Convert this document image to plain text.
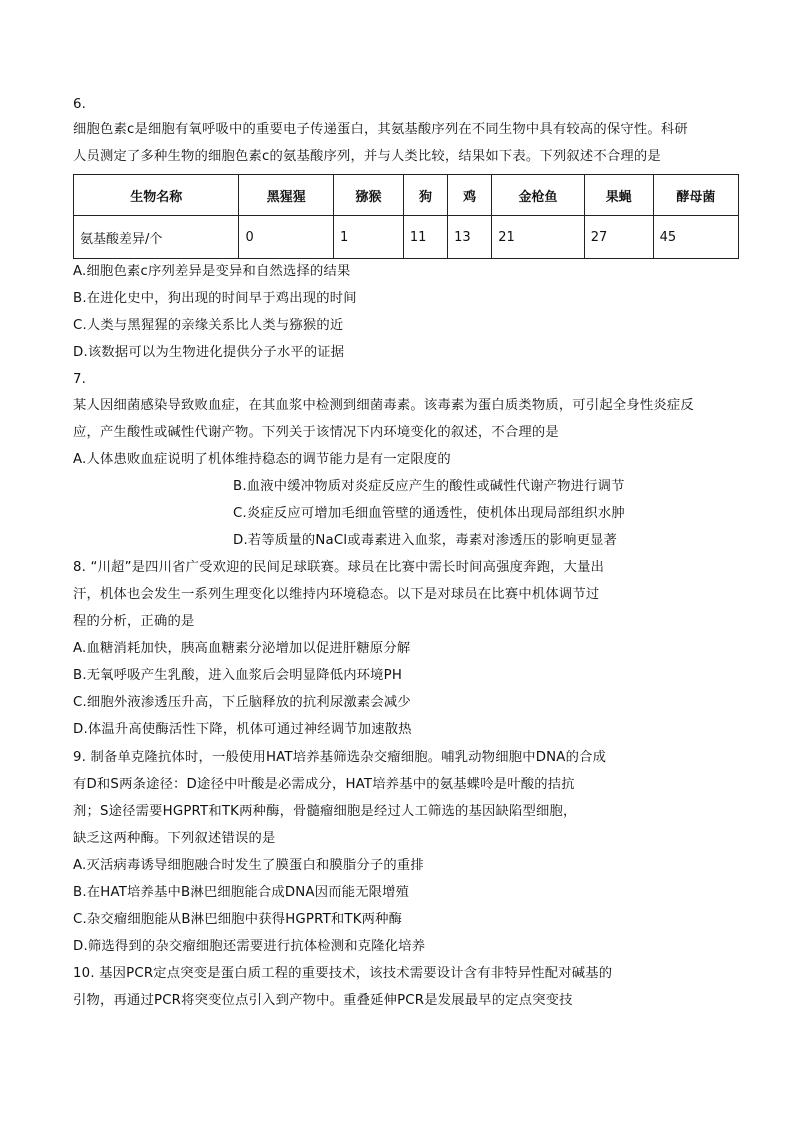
6.
细胞色素c是细胞有氧呼吸中的重要电子传递蛋白，其氨基酸序列在不同生物中具有较高的保守性。科研
人员测定了多种生物的细胞色素c的氨基酸序列，并与人类比较，结果如下表。下列叙述不合理的是
生物名称	黑猩猩	猕猴	狗	鸡	金枪鱼	果蝇	酵母菌
氨基酸差异/个	0	1	11	13	21	27	45
A.细胞色素c序列差异是变异和自然选择的结果
B.在进化史中，狗出现的时间早于鸡出现的时间
C.人类与黑猩猩的亲缘关系比人类与猕猴的近
D.该数据可以为生物进化提供分子水平的证据
7.
某人因细菌感染导致败血症，在其血浆中检测到细菌毒素。该毒素为蛋白质类物质，可引起全身性炎症反
应，产生酸性或碱性代谢产物。下列关于该情况下内环境变化的叙述，不合理的是
A.人体患败血症说明了机体维持稳态的调节能力是有一定限度的
B.血液中缓冲物质对炎症反应产生的酸性或碱性代谢产物进行调节
C.炎症反应可增加毛细血管壁的通透性，使机体出现局部组织水肿
D.若等质量的NaCl或毒素进入血浆，毒素对渗透压的影响更显著
8. “川超”是四川省广受欢迎的民间足球联赛。球员在比赛中需长时间高强度奔跑，大量出
汗，机体也会发生一系列生理变化以维持内环境稳态。以下是对球员在比赛中机体调节过
程的分析，正确的是
A.血糖消耗加快，胰高血糖素分泌增加以促进肝糖原分解
B.无氧呼吸产生乳酸，进入血浆后会明显降低内环境PH
C.细胞外液渗透压升高，下丘脑释放的抗利尿激素会减少
D.体温升高使酶活性下降，机体可通过神经调节加速散热
9. 制备单克隆抗体时，一般使用HAT培养基筛选杂交瘤细胞。哺乳动物细胞中DNA的合成
有D和S两条途径：D途径中叶酸是必需成分，HAT培养基中的氨基蝶呤是叶酸的拮抗
剂；S途径需要HGPRT和TK两种酶，骨髓瘤细胞是经过人工筛选的基因缺陷型细胞，
缺乏这两种酶。下列叙述错误的是
A.灭活病毒诱导细胞融合时发生了膜蛋白和膜脂分子的重排
B.在HAT培养基中B淋巴细胞能合成DNA因而能无限增殖
C.杂交瘤细胞能从B淋巴细胞中获得HGPRT和TK两种酶
D.筛选得到的杂交瘤细胞还需要进行抗体检测和克隆化培养
10. 基因PCR定点突变是蛋白质工程的重要技术，该技术需要设计含有非特异性配对碱基的
引物，再通过PCR将突变位点引入到产物中。重叠延伸PCR是发展最早的定点突变技
